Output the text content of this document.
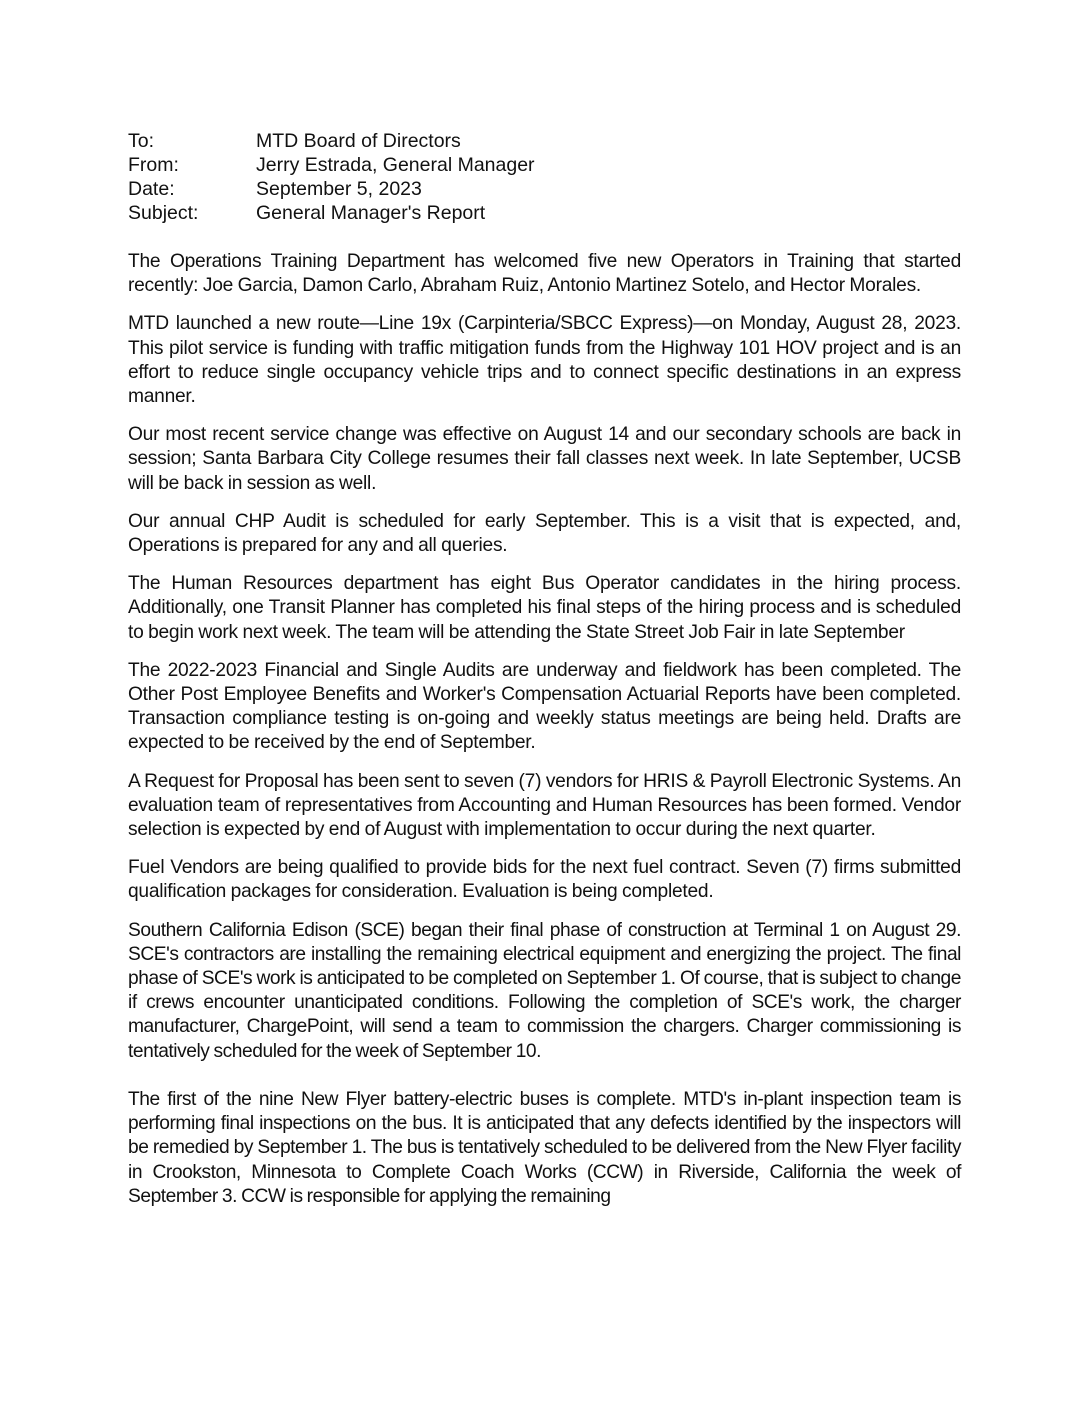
To:	MTD Board of Directors
From:	Jerry Estrada, General Manager
Date:	September 5, 2023
Subject:	General Manager's Report

The Operations Training Department has welcomed five new Operators in Training that started recently: Joe Garcia, Damon Carlo, Abraham Ruiz, Antonio Martinez Sotelo, and Hector Morales.

MTD launched a new route—Line 19x (Carpinteria/SBCC Express)—on Monday, August 28, 2023. This pilot service is funding with traffic mitigation funds from the Highway 101 HOV project and is an effort to reduce single occupancy vehicle trips and to connect specific destinations in an express manner.

Our most recent service change was effective on August 14 and our secondary schools are back in session; Santa Barbara City College resumes their fall classes next week. In late September, UCSB will be back in session as well.

Our annual CHP Audit is scheduled for early September. This is a visit that is expected, and, Operations is prepared for any and all queries.

The Human Resources department has eight Bus Operator candidates in the hiring process. Additionally, one Transit Planner has completed his final steps of the hiring process and is scheduled to begin work next week. The team will be attending the State Street Job Fair in late September

The 2022-2023 Financial and Single Audits are underway and fieldwork has been completed. The Other Post Employee Benefits and Worker's Compensation Actuarial Reports have been completed. Transaction compliance testing is on-going and weekly status meetings are being held. Drafts are expected to be received by the end of September.

A Request for Proposal has been sent to seven (7) vendors for HRIS & Payroll Electronic Systems. An evaluation team of representatives from Accounting and Human Resources has been formed. Vendor selection is expected by end of August with implementation to occur during the next quarter.

Fuel Vendors are being qualified to provide bids for the next fuel contract. Seven (7) firms submitted qualification packages for consideration. Evaluation is being completed.

Southern California Edison (SCE) began their final phase of construction at Terminal 1 on August 29. SCE's contractors are installing the remaining electrical equipment and energizing the project. The final phase of SCE's work is anticipated to be completed on September 1. Of course, that is subject to change if crews encounter unanticipated conditions. Following the completion of SCE's work, the charger manufacturer, ChargePoint, will send a team to commission the chargers. Charger commissioning is tentatively scheduled for the week of September 10.

The first of the nine New Flyer battery-electric buses is complete. MTD's in-plant inspection team is performing final inspections on the bus. It is anticipated that any defects identified by the inspectors will be remedied by September 1. The bus is tentatively scheduled to be delivered from the New Flyer facility in Crookston, Minnesota to Complete Coach Works (CCW) in Riverside, California the week of September 3. CCW is responsible for applying the remaining
